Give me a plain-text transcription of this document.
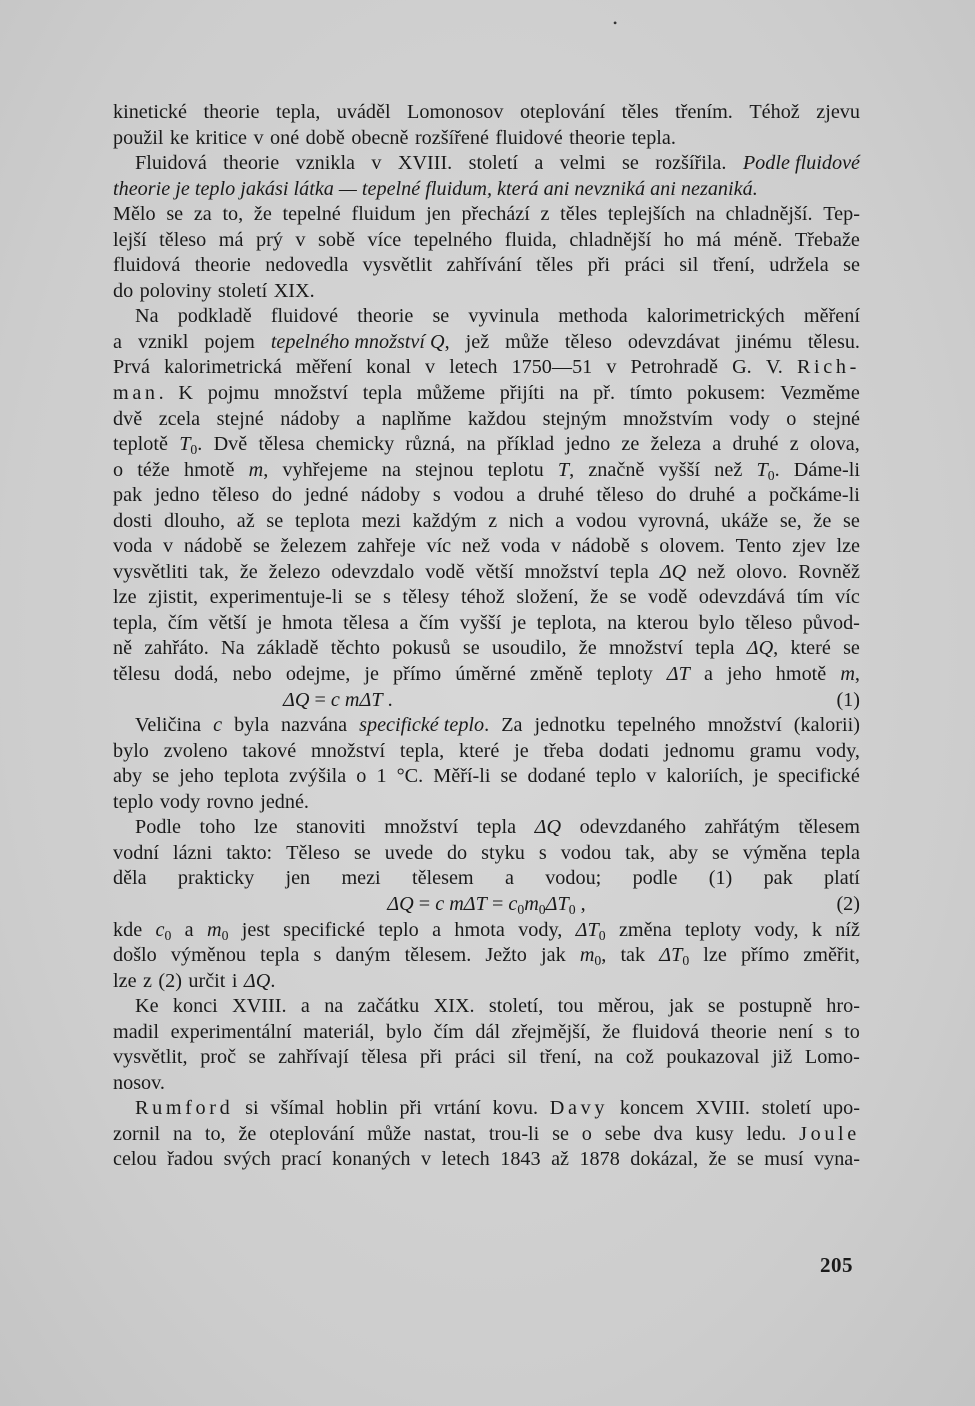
kinetické theorie tepla, uváděl Lomonosov oteplování těles třením. Téhož zjevu
použil ke kritice v oné době obecně rozšířené fluidové theorie tepla.
Fluidová theorie vznikla v XVIII. století a velmi se rozšířila. Podle fluidové
theorie je teplo jakási látka — tepelné fluidum, která ani nevzniká ani nezaniká.
Mělo se za to, že tepelné fluidum jen přechází z těles teplejších na chladnější. Tep-
lejší těleso má prý v sobě více tepelného fluida, chladnější ho má méně. Třebaže
fluidová theorie nedovedla vysvětlit zahřívání těles při práci sil tření, udržela se
do poloviny století XIX.
Na podkladě fluidové theorie se vyvinula methoda kalorimetrických měření
a vznikl pojem tepelného množství Q, jež může těleso odevzdávat jinému tělesu.
Prvá kalorimetrická měření konal v letech 1750—51 v Petrohradě G. V. Rich-
man. K pojmu množství tepla můžeme přijíti na př. tímto pokusem: Vezměme
dvě zcela stejné nádoby a naplňme každou stejným množstvím vody o stejné
teplotě $T_0$. Dvě tělesa chemicky různá, na příklad jedno ze železa a druhé z olova,
o téže hmotě m, vyhřejeme na stejnou teplotu T, značně vyšší než $T_0$. Dáme-li
pak jedno těleso do jedné nádoby s vodou a druhé těleso do druhé a počkáme-li
dosti dlouho, až se teplota mezi každým z nich a vodou vyrovná, ukáže se, že se
voda v nádobě se železem zahřeje víc než voda v nádobě s olovem. Tento zjev lze
vysvětliti tak, že železo odevzdalo vodě větší množství tepla ΔQ než olovo. Rovněž
lze zjistit, experimentuje-li se s tělesy téhož složení, že se vodě odevzdává tím víc
tepla, čím větší je hmota tělesa a čím vyšší je teplota, na kterou bylo těleso původ-
ně zahřáto. Na základě těchto pokusů se usoudilo, že množství tepla ΔQ, které se
tělesu dodá, nebo odejme, je přímo úměrné změně teploty ΔT a jeho hmotě m,
ΔQ = c mΔT .	(1)
Veličina c byla nazvána specifické teplo. Za jednotku tepelného množství (kalorii)
bylo zvoleno takové množství tepla, které je třeba dodati jednomu gramu vody,
aby se jeho teplota zvýšila o 1 °C. Měří-li se dodané teplo v kaloriích, je specifické
teplo vody rovno jedné.
Podle toho lze stanoviti množství tepla ΔQ odevzdaného zahřátým tělesem
vodní lázni takto: Těleso se uvede do styku s vodou tak, aby se výměna tepla
děla prakticky jen mezi tělesem a vodou; podle (1) pak platí
ΔQ = c $m\Delta T = c_0m_0\Delta T_0$ ,	(2)
kde $c_0$ a $m_0$ jest specifické teplo a hmota vody, $\Delta T_0$ změna teploty vody, k níž
došlo výměnou tepla s daným tělesem. Ježto jak $m_0$, tak $\Delta T_0$ lze přímo změřit,
lze z (2) určit i ΔQ.
Ke konci XVIII. a na začátku XIX. století, tou měrou, jak se postupně hro-
madil experimentální materiál, bylo čím dál zřejmější, že fluidová theorie není s to
vysvětlit, proč se zahřívají tělesa při práci sil tření, na což poukazoval již Lomo-
nosov.
Rumford si všímal hoblin při vrtání kovu. Davy koncem XVIII. století upo-
zornil na to, že oteplování může nastat, trou-li se o sebe dva kusy ledu. Joule
celou řadou svých prací konaných v letech 1843 až 1878 dokázal, že se musí vyna-
205
•
